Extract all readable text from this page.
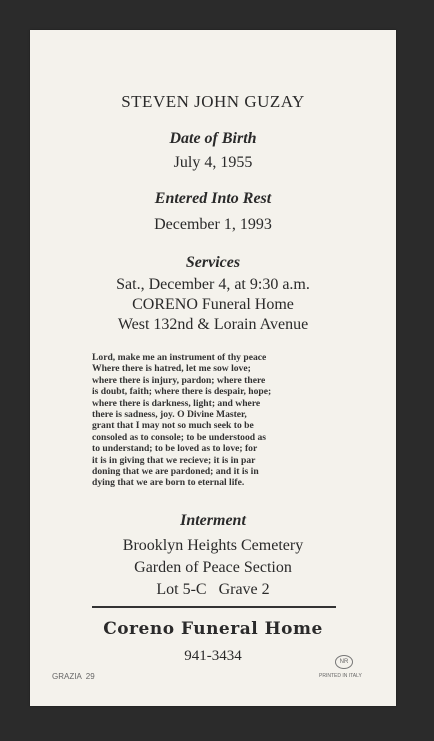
STEVEN JOHN GUZAY
Date of Birth
July 4, 1955
Entered Into Rest
December 1, 1993
Services
Sat., December 4, at 9:30 a.m.
CORENO Funeral Home
West 132nd & Lorain Avenue
Lord, make me an instrument of thy peace
Where there is hatred, let me sow love;
where there is injury, pardon; where there
is doubt, faith; where there is despair, hope;
where there is darkness, light; and where
there is sadness, joy. O Divine Master,
grant that I may not so much seek to be
consoled as to console; to be understood as
to understand; to be loved as to love; for
it is in giving that we recieve; it is in par
doning that we are pardoned; and it is in
dying that we are born to eternal life.
Interment
Brooklyn Heights Cemetery
Garden of Peace Section
Lot 5-C   Grave 2
Coreno Funeral Home
941-3434
GRAZIA  29
NR
PRINTED IN ITALY
